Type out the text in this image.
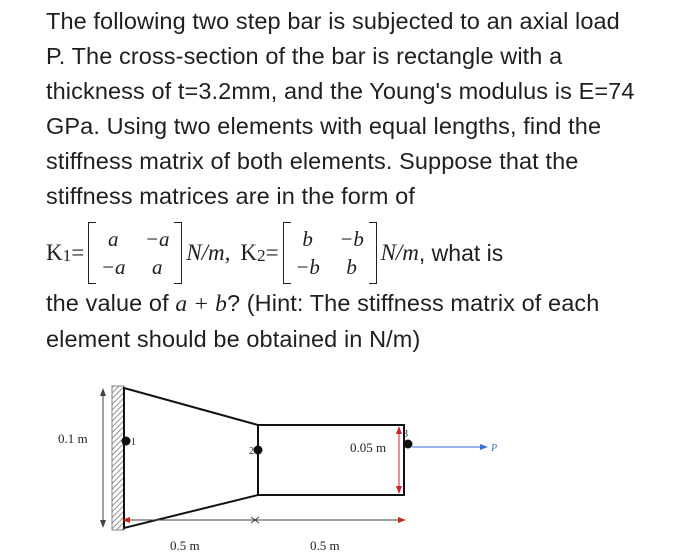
The following two step bar is subjected to an axial load
P. The cross-section of the bar is rectangle with a
thickness of t=3.2mm, and the Young's modulus is E=74
GPa. Using two elements with equal lengths, find the
stiffness matrix of both elements. Suppose that the
stiffness matrices are in the form of
$K_1$ =
a	−a
−a	a
N/m, $K_2$ =
b	−b
−b	b
N/m , what is
the value of a + b? (Hint: The stiffness matrix of each
element should be obtained in N/m)
0.1 m
0.05 m
1
2
3
P
0.5 m	0.5 m
